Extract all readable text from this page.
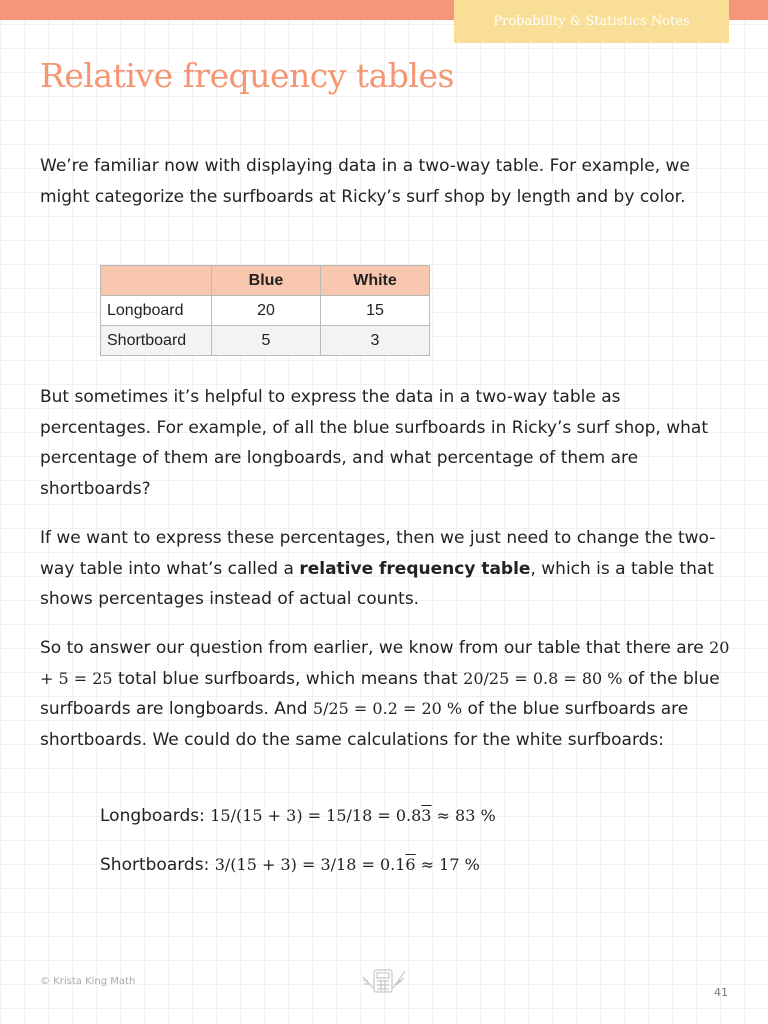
Probability & Statistics Notes
Relative frequency tables

We’re familiar now with displaying data in a two-way table. For example, we might categorize the surfboards at Ricky’s surf shop by length and by color.

	Blue	White
Longboard	20	15
Shortboard	5	3

But sometimes it’s helpful to express the data in a two-way table as percentages. For example, of all the blue surfboards in Ricky’s surf shop, what percentage of them are longboards, and what percentage of them are shortboards?

If we want to express these percentages, then we just need to change the two-way table into what’s called a relative frequency table, which is a table that shows percentages instead of actual counts.

So to answer our question from earlier, we know from our table that there are 20 + 5 = 25 total blue surfboards, which means that 20/25 = 0.8 = 80 % of the blue surfboards are longboards. And 5/25 = 0.2 = 20 % of the blue surfboards are shortboards. We could do the same calculations for the white surfboards:

Longboards: 15/(15 + 3) = 15/18 = 0.83 ≈ 83 %

Shortboards: 3/(15 + 3) = 3/18 = 0.16 ≈ 17 %

© Krista King Math
41
